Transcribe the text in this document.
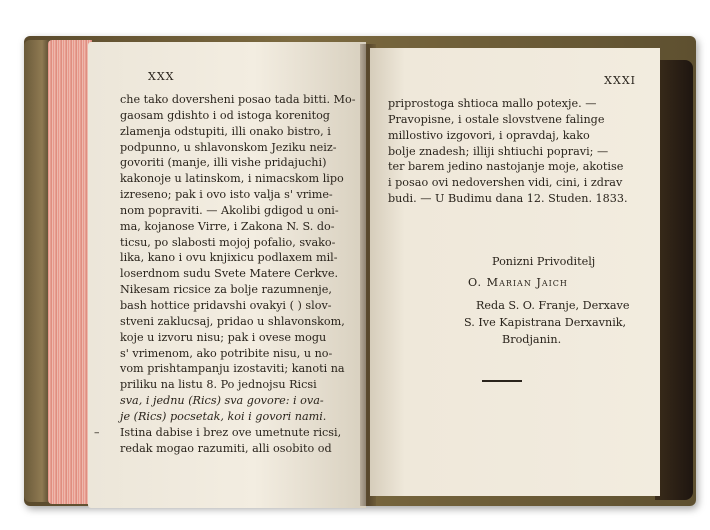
XXX
che tako doversheni posao tada bitti. Mo-
gaosam gdishto i od istoga korenitog
zlamenja odstupiti, illi onako bistro, i
podpunno, u shlavonskom Jeziku neiz-
govoriti (manje, illi vishe pridajuchi)
kakonoje u latinskom, i nimacskom lipo
izreseno; pak i ovo isto valja s' vrime-
nom popraviti. — Akolibi gdigod u oni-
ma, kojanose Virre, i Zakona N. S. do-
ticsu, po slabosti mojoj pofalio, svako-
lika, kano i ovu knjixicu podlaxem mil-
loserdnom sudu Svete Matere Cerkve.
Nikesam ricsice za bolje razumnenje,
bash hottice pridavshi ovakyi ( ) slov-
stveni zaklucsaj, pridao u shlavonskom,
koje u izvoru nisu; pak i ovese mogu
s' vrimenom, ako potribite nisu, u no-
vom prishtampanju izostaviti; kanoti na
priliku na listu 8. Po jednojsu Ricsi
sva, i jednu (Rics) sva govore: i ova-
je (Rics) pocsetak, koi i govori nami.
Istina dabise i brez ove umetnute ricsi,
redak mogao razumiti, alli osobito od
–
XXXI
priprostoga shtioca mallo potexje. —
Pravopisne, i ostale slovstvene falinge
millostivo izgovori, i opravdaj, kako
bolje znadesh; illiji shtiuchi popravi; —
ter barem jedino nastojanje moje, akotise
i posao ovi nedovershen vidi, cini, i zdrav
budi. — U Budimu dana 12. Studen. 1833.
Ponizni Privoditelj
O. Marian Jaich
Reda S. O. Franje, Derxave
S. Ive Kapistrana Derxavnik,
Brodjanin.
